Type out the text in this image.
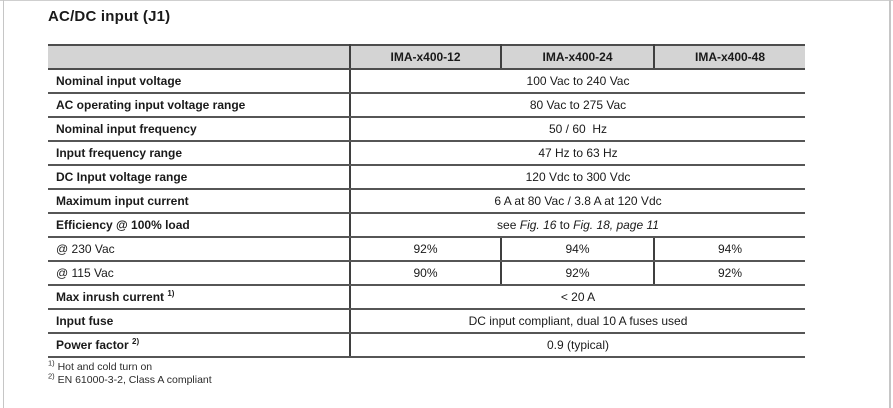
AC/DC input (J1)
	IMA-x400-12	IMA-x400-24	IMA-x400-48
Nominal input voltage	100 Vac to 240 Vac		
AC operating input voltage range	80 Vac to 275 Vac		
Nominal input frequency	50 / 60  Hz		
Input frequency range	47 Hz to 63 Hz		
DC Input voltage range	120 Vdc to 300 Vdc		
Maximum input current	6 A at 80 Vac / 3.8 A at 120 Vdc		
Efficiency @ 100% load	see Fig. 16 to Fig. 18, page 11		
@ 230 Vac	92%	94%	94%
@ 115 Vac	90%	92%	92%
Max inrush current $^{1)}$	< 20 A		
Input fuse	DC input compliant, dual 10 A fuses used		
Power factor $^{2)}$	0.9 (typical)		
$^{1)}$ Hot and cold turn on
$^{2)}$ EN 61000-3-2, Class A compliant
